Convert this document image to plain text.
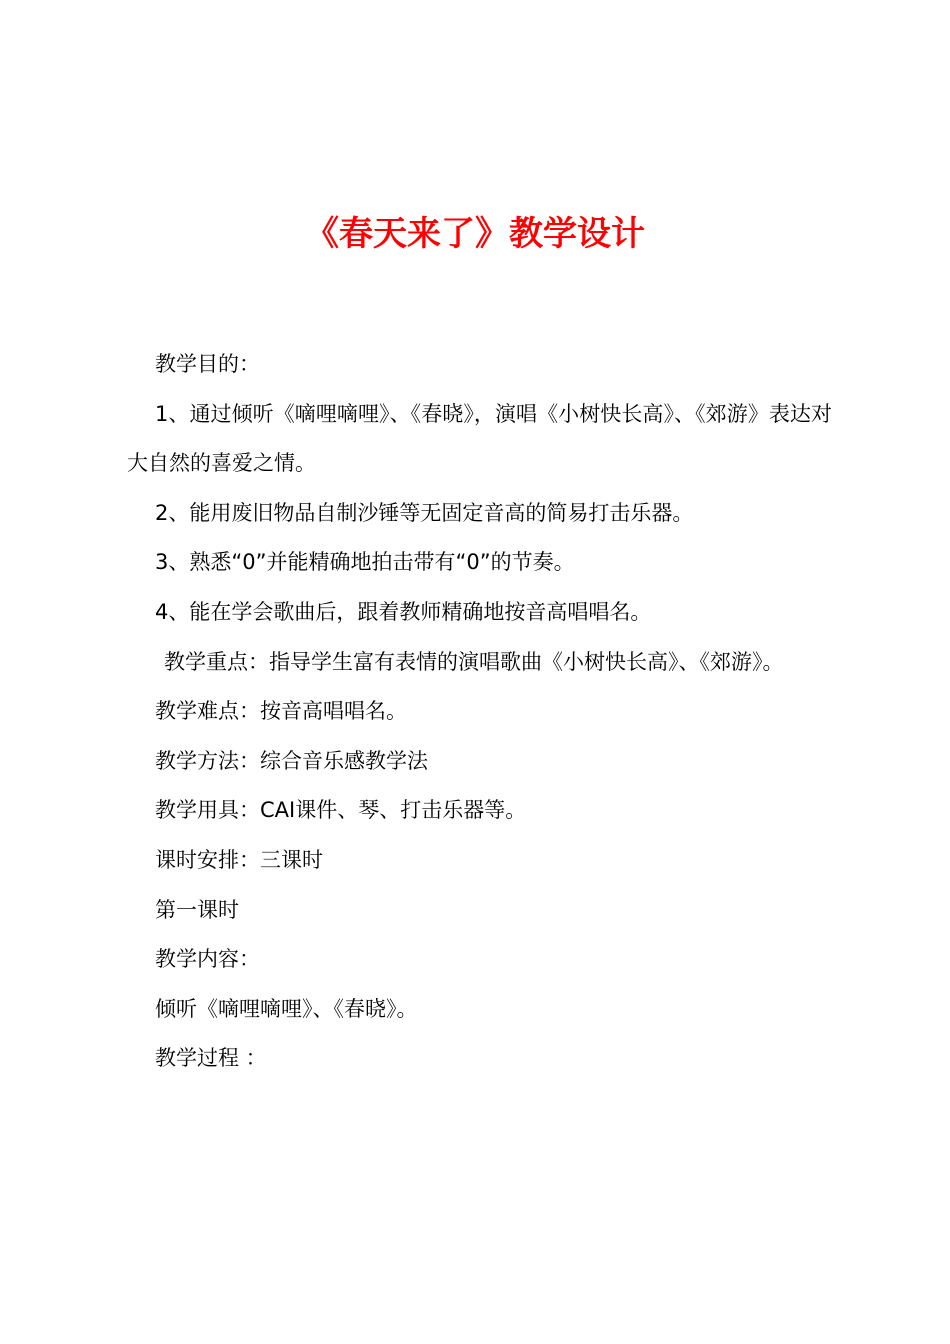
《春天来了》教学设计

教学目的：

1、通过倾听《嘀哩嘀哩》、《春晓》，演唱《小树快长高》、《郊游》表达对大自然的喜爱之情。

2、能用废旧物品自制沙锤等无固定音高的简易打击乐器。

3、熟悉“0”并能精确地拍击带有“0”的节奏。

4、能在学会歌曲后，跟着教师精确地按音高唱唱名。

教学重点：指导学生富有表情的演唱歌曲《小树快长高》、《郊游》。

教学难点：按音高唱唱名。

教学方法：综合音乐感教学法

教学用具：CAI课件、琴、打击乐器等。

课时安排：三课时

第一课时

教学内容：

倾听《嘀哩嘀哩》、《春晓》。

教学过程 ：
